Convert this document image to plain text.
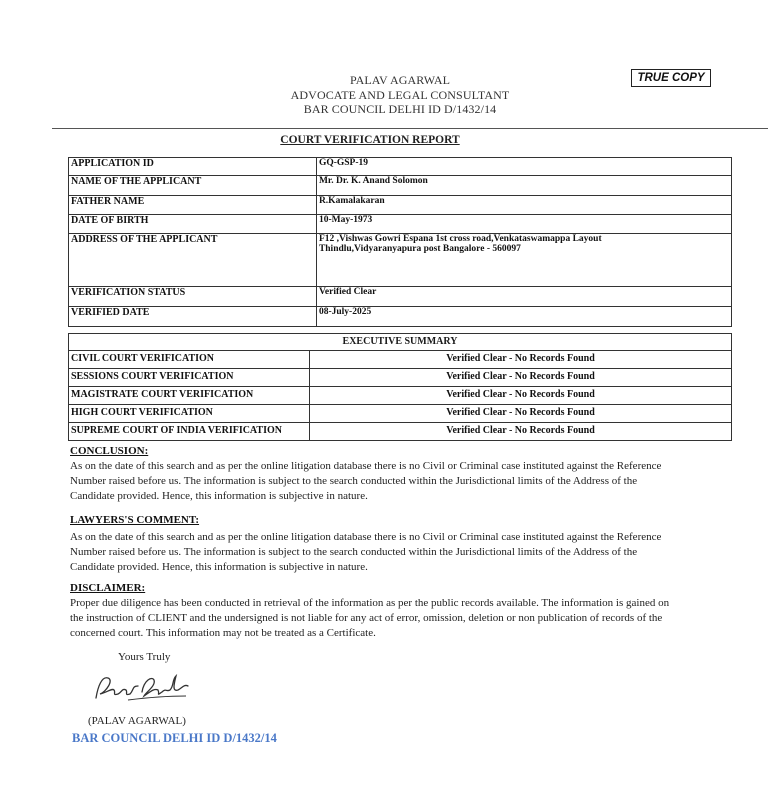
PALAV AGARWAL
ADVOCATE AND LEGAL CONSULTANT
BAR COUNCIL DELHI ID D/1432/14
TRUE COPY
COURT VERIFICATION REPORT
APPLICATION ID	GQ-GSP-19
NAME OF THE APPLICANT	Mr. Dr. K. Anand Solomon
FATHER NAME	R.Kamalakaran
DATE OF BIRTH	10-May-1973
ADDRESS OF THE APPLICANT	F12 ,Vishwas Gowri Espana 1st cross road,Venkataswamappa Layout
Thindlu,Vidyaranyapura post Bangalore - 560097

VERIFICATION STATUS	Verified Clear
VERIFIED DATE	08-July-2025
EXECUTIVE SUMMARY
CIVIL COURT VERIFICATION	Verified Clear - No Records Found
SESSIONS COURT VERIFICATION	Verified Clear - No Records Found
MAGISTRATE COURT VERIFICATION	Verified Clear - No Records Found
HIGH COURT VERIFICATION	Verified Clear - No Records Found
SUPREME COURT OF INDIA VERIFICATION	Verified Clear - No Records Found
CONCLUSION:
As on the date of this search and as per the online litigation database there is no Civil or Criminal case instituted against the Reference
Number raised before us. The information is subject to the search conducted within the Jurisdictional limits of the Address of the
Candidate provided. Hence, this information is subjective in nature.
LAWYERS'S COMMENT:
As on the date of this search and as per the online litigation database there is no Civil or Criminal case instituted against the Reference
Number raised before us. The information is subject to the search conducted within the Jurisdictional limits of the Address of the
Candidate provided. Hence, this information is subjective in nature.
DISCLAIMER:
Proper due diligence has been conducted in retrieval of the information as per the public records available. The information is gained on
the instruction of CLIENT and the undersigned is not liable for any act of error, omission, deletion or non publication of records of the
concerned court. This information may not be treated as a Certificate.
Yours Truly
(PALAV AGARWAL)
BAR COUNCIL DELHI ID D/1432/14
